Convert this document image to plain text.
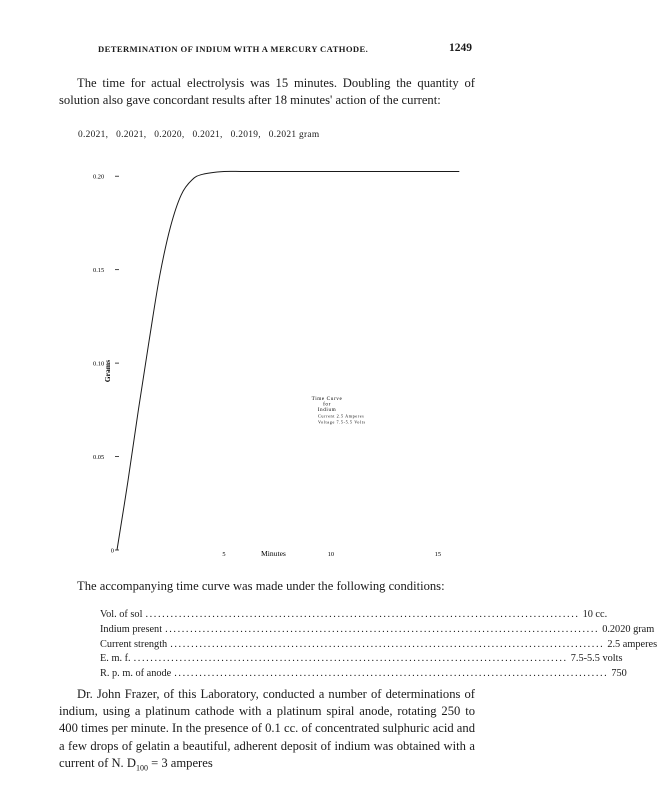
DETERMINATION OF INDIUM WITH A MERCURY CATHODE.	1249

The time for actual electrolysis was 15 minutes. Doubling the quantity of solution also gave concordant results after 18 minutes' action of the current:

0.2021,   0.2021,   0.2020,   0.2021,   0.2019,   0.2021 gram
0
0.05
0.10
0.15
0.20
5	10	15
Minutes
Grams
Time Curve
for
Indium
Current 2.5 Amperes
Voltage 7.5-5.5 Volts

The accompanying time curve was made under the following conditions:

Vol. of sol ........................................................................................................ 10 cc.
Indium present ........................................................................................................ 0.2020 gram
Current strength ........................................................................................................ 2.5 amperes
E. m. f. ........................................................................................................ 7.5-5.5 volts
R. p. m. of anode ........................................................................................................ 750

Dr. John Frazer, of this Laboratory, conducted a number of determinations of indium, using a platinum cathode with a platinum spiral anode, rotating 250 to 400 times per minute. In the presence of 0.1 cc. of concentrated sulphuric acid and a few drops of gelatin a beautiful, adherent deposit of indium was obtained with a current of N. $D_{100} = 3$ amperes
